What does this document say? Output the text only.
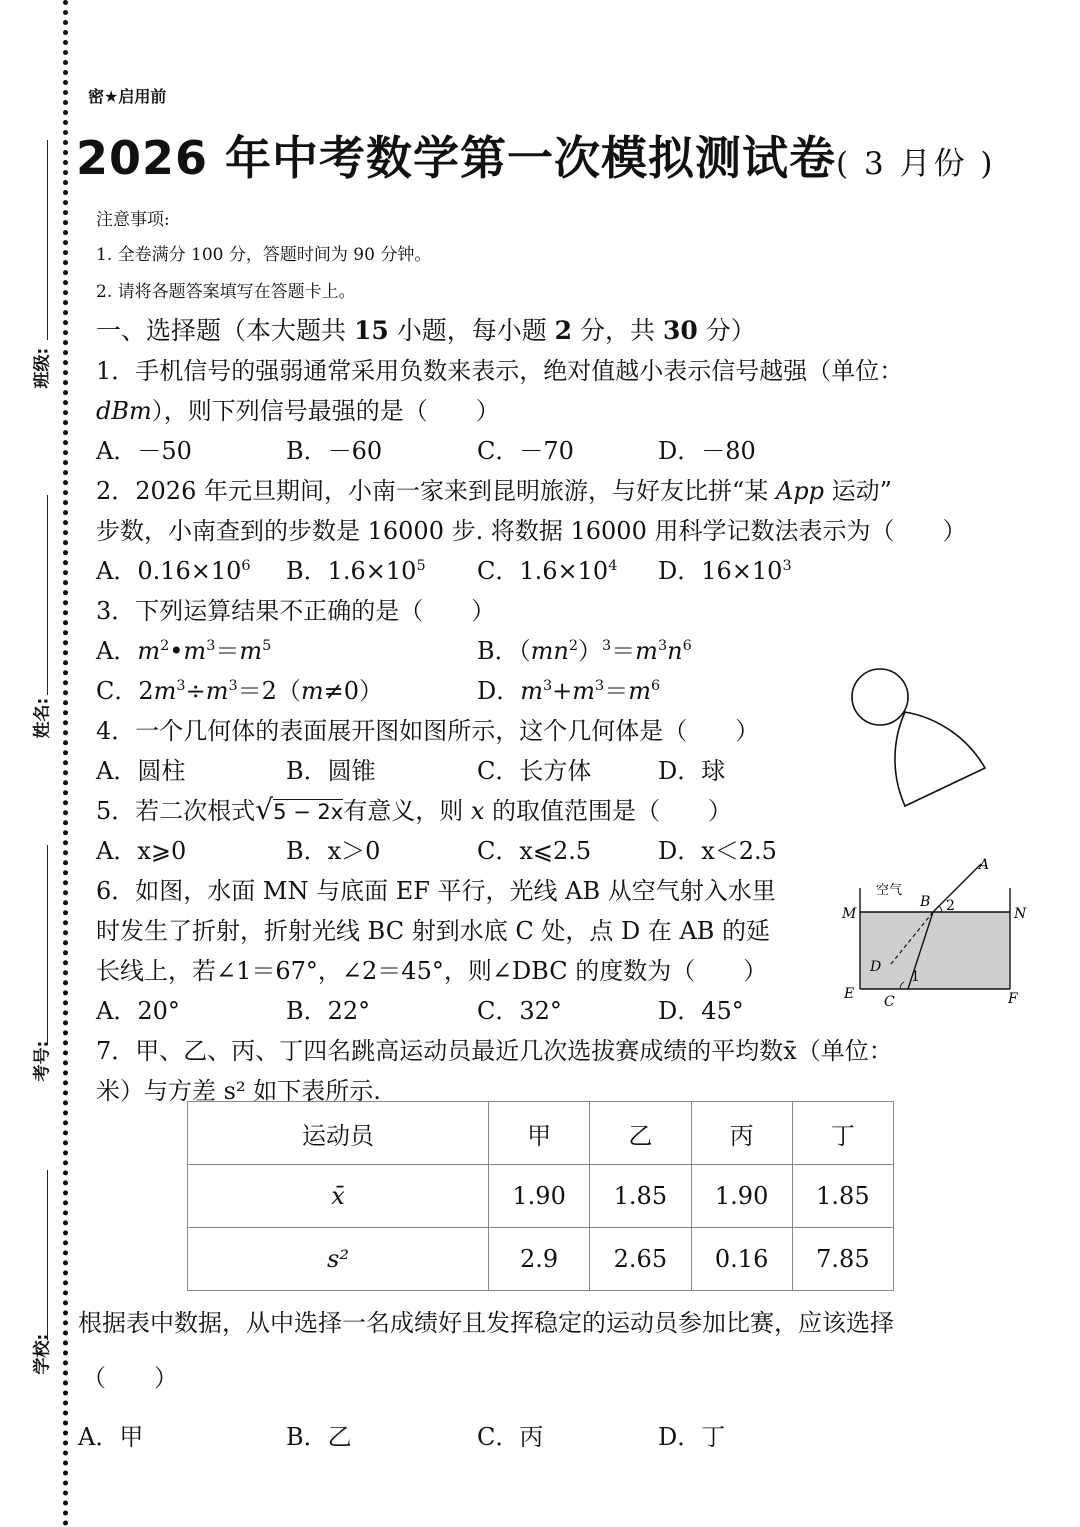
班级:
姓名:
考号:
学校:
密★启用前
2026 年中考数学第一次模拟测试卷( 3 月份 )
注意事项:
1. 全卷满分 100 分，答题时间为 90 分钟。
2. 请将各题答案填写在答题卡上。
一、选择题（本大题共 15 小题，每小题 2 分，共 30 分）
1．手机信号的强弱通常采用负数来表示，绝对值越小表示信号越强（单位：
dBm），则下列信号最强的是（　　）
A．－50	B．－60	C．－70	D．－80
2．2026 年元旦期间，小南一家来到昆明旅游，与好友比拼“某 App 运动”
步数，小南查到的步数是 16000 步. 将数据 16000 用科学记数法表示为（　　）
A．$0.16\times 10^6$ B．$1.6\times 10^5$ C．$1.6\times 10^4$ D．$16\times 10^3$
3．下列运算结果不正确的是（　　）
A．$m^2•m^3=m^5$	B．$(mn^2)^3=m^3n^6$
C．$2m^3\div m^3=2(m\ne 0)$	D．$m^3+m^3=m^6$
4．一个几何体的表面展开图如图所示，这个几何体是（　　）
A．圆柱	B．圆锥	C．长方体	D．球
5．若二次根式√5 − 2x有意义，则 x 的取值范围是（　　）
A．x⩾0	B．x＞0	C．x⩽2.5	D．x＜2.5
6．如图，水面 MN 与底面 EF 平行，光线 AB 从空气射入水里
时发生了折射，折射光线 BC 射到水底 C 处，点 D 在 AB 的延
长线上，若∠1＝67°，∠2＝45°，则∠DBC 的度数为（　　）
A．20°	B．22°	C．32°	D．45°
空气
A
B 2
M	N
D
1
E C	F
7．甲、乙、丙、丁四名跳高运动员最近几次选拔赛成绩的平均数x̄（单位：
米）与方差 s² 如下表所示.
运动员	甲	乙	丙	丁
x̄	1.90	1.85	1.90	1.85
s²	2.9	2.65	0.16	7.85
根据表中数据，从中选择一名成绩好且发挥稳定的运动员参加比赛，应该选择
（　　）
A．甲	B．乙	C．丙	D．丁
